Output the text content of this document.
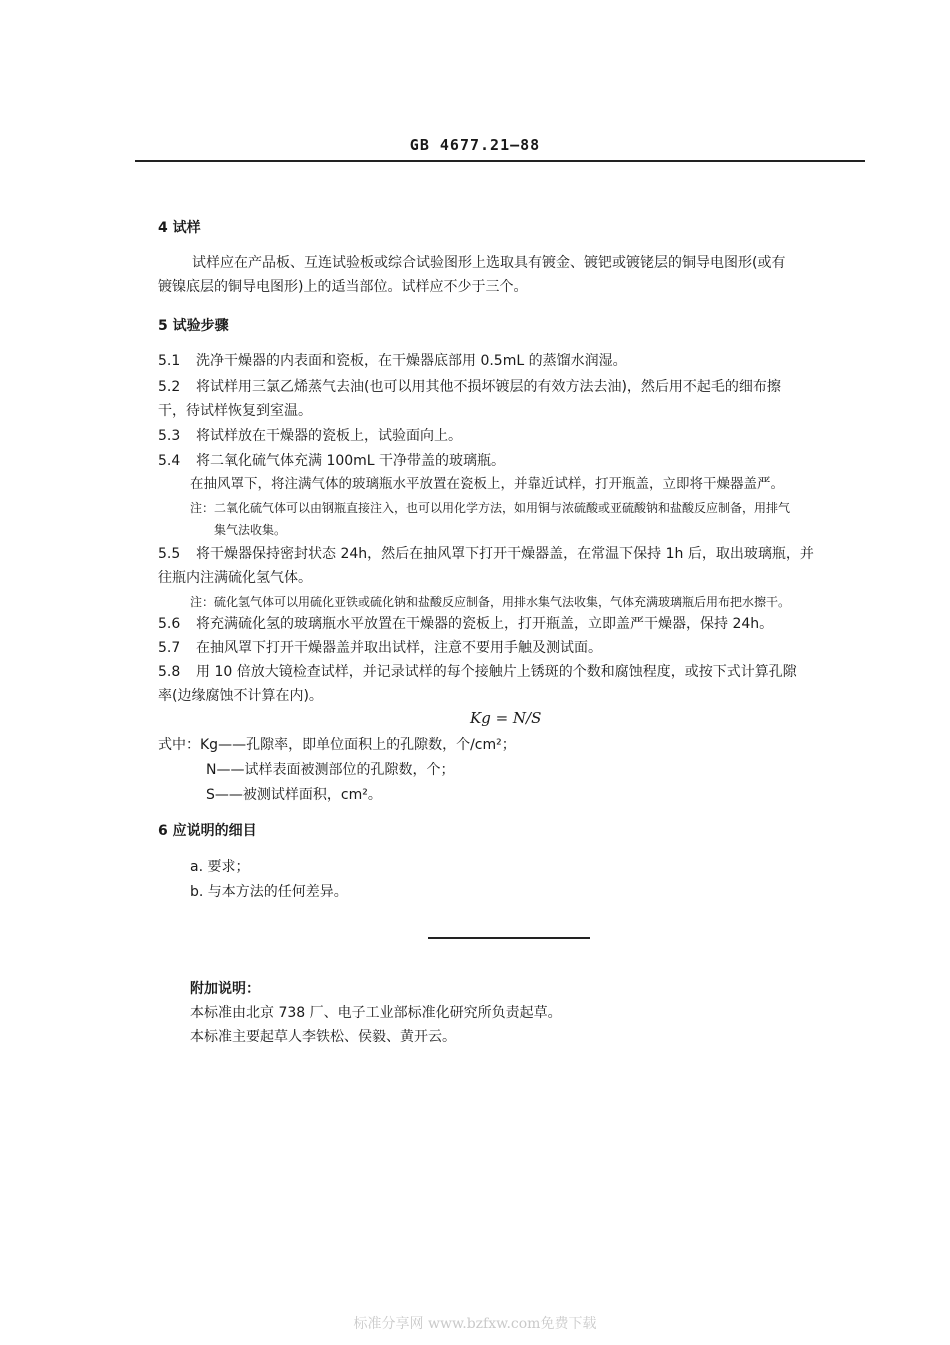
GB 4677.21—88
4 试样
试样应在产品板、互连试验板或综合试验图形上选取具有镀金、镀钯或镀铑层的铜导电图形(或有
镀镍底层的铜导电图形)上的适当部位。试样应不少于三个。
5 试验步骤
5.1 洗净干燥器的内表面和瓷板，在干燥器底部用 0.5mL 的蒸馏水润湿。
5.2 将试样用三氯乙烯蒸气去油(也可以用其他不损坏镀层的有效方法去油)，然后用不起毛的细布擦
干，待试样恢复到室温。
5.3 将试样放在干燥器的瓷板上，试验面向上。
5.4 将二氧化硫气体充满 100mL 干净带盖的玻璃瓶。
在抽风罩下，将注满气体的玻璃瓶水平放置在瓷板上，并靠近试样，打开瓶盖，立即将干燥器盖严。
注：二氧化硫气体可以由钢瓶直接注入，也可以用化学方法，如用铜与浓硫酸或亚硫酸钠和盐酸反应制备，用排气
集气法收集。
5.5 将干燥器保持密封状态 24h，然后在抽风罩下打开干燥器盖，在常温下保持 1h 后，取出玻璃瓶，并
往瓶内注满硫化氢气体。
注：硫化氢气体可以用硫化亚铁或硫化钠和盐酸反应制备，用排水集气法收集，气体充满玻璃瓶后用布把水擦干。
5.6 将充满硫化氢的玻璃瓶水平放置在干燥器的瓷板上，打开瓶盖，立即盖严干燥器，保持 24h。
5.7 在抽风罩下打开干燥器盖并取出试样，注意不要用手触及测试面。
5.8 用 10 倍放大镜检查试样，并记录试样的每个接触片上锈斑的个数和腐蚀程度，或按下式计算孔隙
率(边缘腐蚀不计算在内)。
Kg = N/S
式中：Kg——孔隙率，即单位面积上的孔隙数，个/cm²；
N——试样表面被测部位的孔隙数，个；
S——被测试样面积，cm²。
6 应说明的细目
a. 要求；
b. 与本方法的任何差异。
附加说明：
本标准由北京 738 厂、电子工业部标准化研究所负责起草。
本标准主要起草人李铁松、侯毅、黄开云。
标准分享网 www.bzfxw.com免费下载
